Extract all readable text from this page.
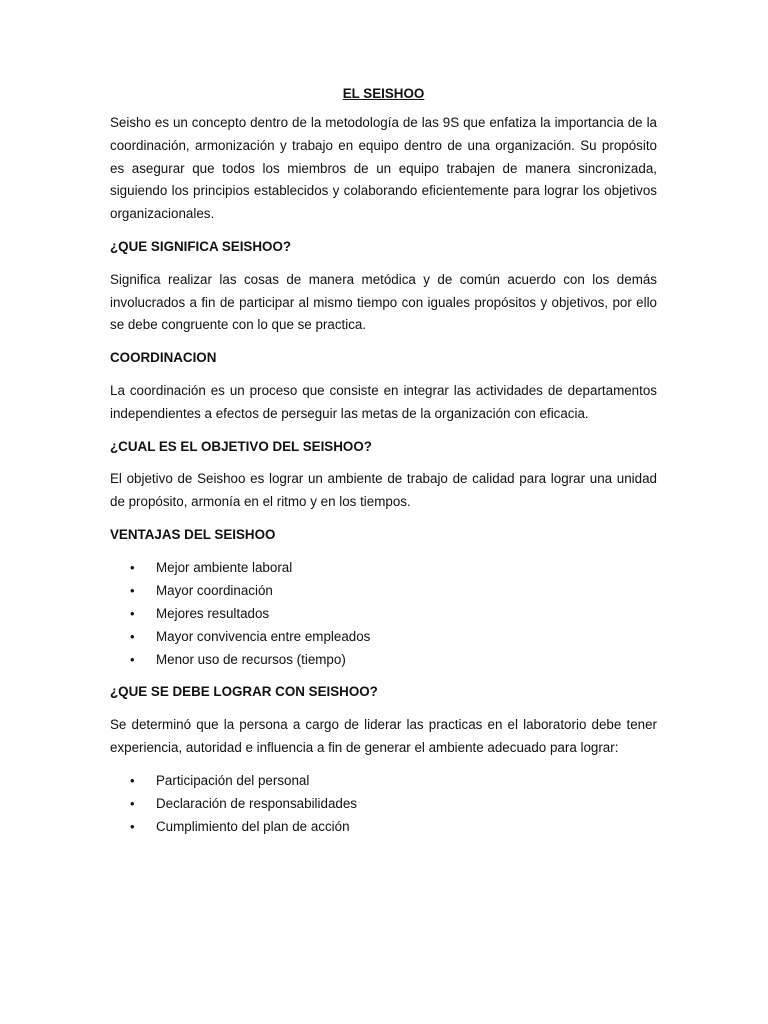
EL SEISHOO

Seisho es un concepto dentro de la metodología de las 9S que enfatiza la importancia de la coordinación, armonización y trabajo en equipo dentro de una organización. Su propósito es asegurar que todos los miembros de un equipo trabajen de manera sincronizada, siguiendo los principios establecidos y colaborando eficientemente para lograr los objetivos organizacionales.

¿QUE SIGNIFICA SEISHOO?

Significa realizar las cosas de manera metódica y de común acuerdo con los demás involucrados a fin de participar al mismo tiempo con iguales propósitos y objetivos, por ello se debe congruente con lo que se practica.

COORDINACION

La coordinación es un proceso que consiste en integrar las actividades de departamentos independientes a efectos de perseguir las metas de la organización con eficacia.

¿CUAL ES EL OBJETIVO DEL SEISHOO?

El objetivo de Seishoo es lograr un ambiente de trabajo de calidad para lograr una unidad de propósito, armonía en el ritmo y en los tiempos.

VENTAJAS DEL SEISHOO
• Mejor ambiente laboral
• Mayor coordinación
• Mejores resultados
• Mayor convivencia entre empleados
• Menor uso de recursos (tiempo)
¿QUE SE DEBE LOGRAR CON SEISHOO?

Se determinó que la persona a cargo de liderar las practicas en el laboratorio debe tener experiencia, autoridad e influencia a fin de generar el ambiente adecuado para lograr:

• Participación del personal
• Declaración de responsabilidades
• Cumplimiento del plan de acción
